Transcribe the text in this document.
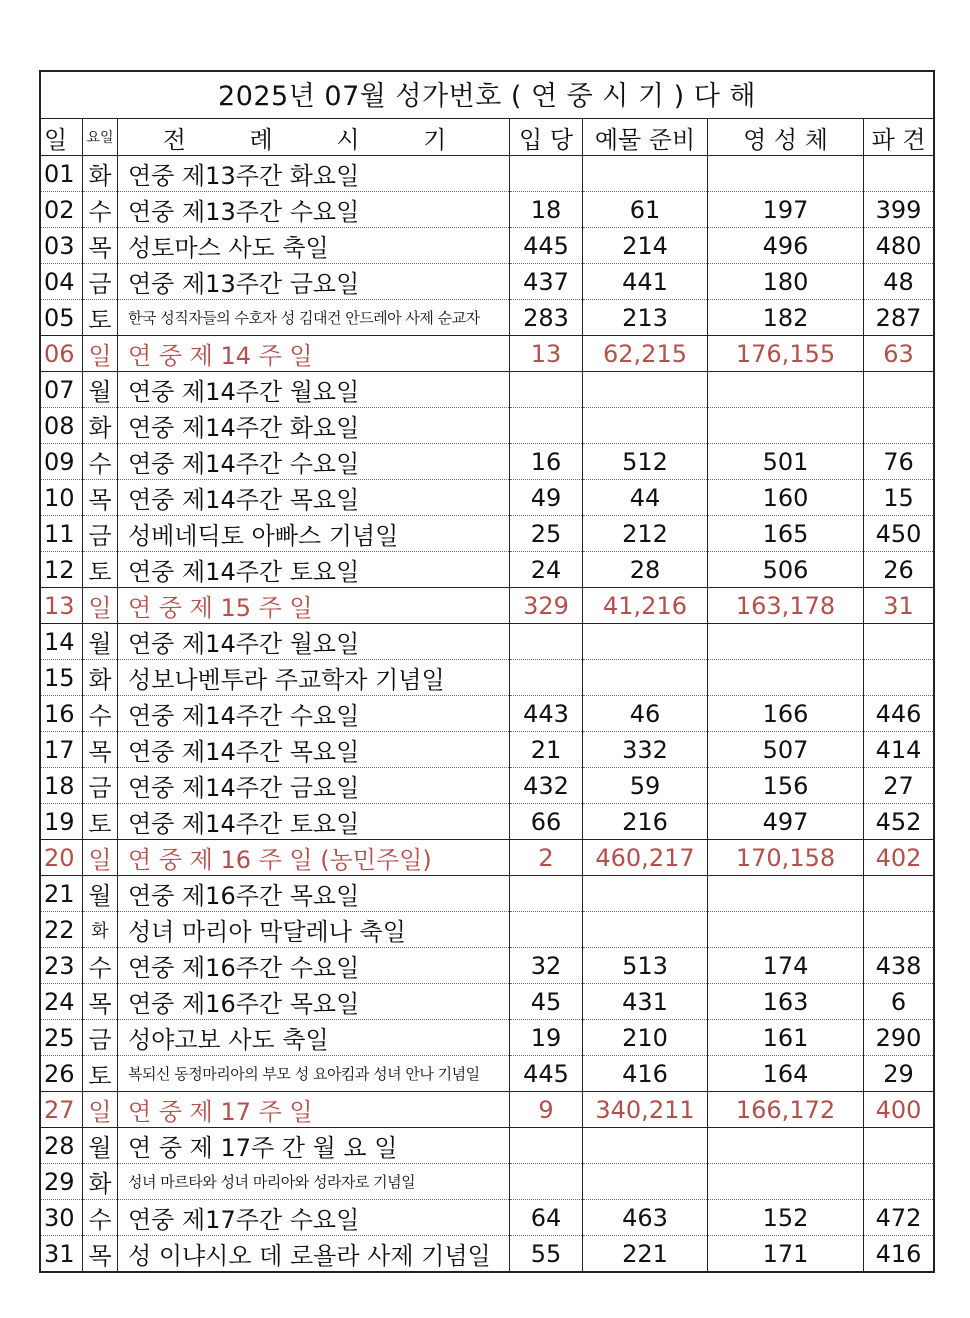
2025년 07월 성가번호 ( 연 중 시 기 ) 다 해
일	요일	전 례 시 기	입 당	예물 준비	영 성 체	파 견
01	화	연중 제13주간 화요일				
02	수	연중 제13주간 수요일	18	61	197	399
03	목	성토마스 사도 축일	445	214	496	480
04	금	연중 제13주간 금요일	437	441	180	48
05	토	한국 성직자들의 수호자 성 김대건 안드레아 사제 순교자	283	213	182	287
06	일	연 중 제 14 주 일	13	62,215	176,155	63
07	월	연중 제14주간 월요일				
08	화	연중 제14주간 화요일				
09	수	연중 제14주간 수요일	16	512	501	76
10	목	연중 제14주간 목요일	49	44	160	15
11	금	성베네딕토 아빠스 기념일	25	212	165	450
12	토	연중 제14주간 토요일	24	28	506	26
13	일	연 중 제 15 주 일	329	41,216	163,178	31
14	월	연중 제14주간 월요일				
15	화	성보나벤투라 주교학자 기념일				
16	수	연중 제14주간 수요일	443	46	166	446
17	목	연중 제14주간 목요일	21	332	507	414
18	금	연중 제14주간 금요일	432	59	156	27
19	토	연중 제14주간 토요일	66	216	497	452
20	일	연 중 제 16 주 일 (농민주일)	2	460,217	170,158	402
21	월	연중 제16주간 목요일				
22	화	성녀 마리아 막달레나 축일				
23	수	연중 제16주간 수요일	32	513	174	438
24	목	연중 제16주간 목요일	45	431	163	6
25	금	성야고보 사도 축일	19	210	161	290
26	토	복되신 동정마리아의 부모 성 요아킴과 성녀 안나 기념일	445	416	164	29
27	일	연 중 제 17 주 일	9	340,211	166,172	400
28	월	연 중 제 17주 간 월 요 일				
29	화	성녀 마르타와 성녀 마리아와 성라자로 기념일				
30	수	연중 제17주간 수요일	64	463	152	472
31	목	성 이냐시오 데 로욜라 사제 기념일	55	221	171	416
